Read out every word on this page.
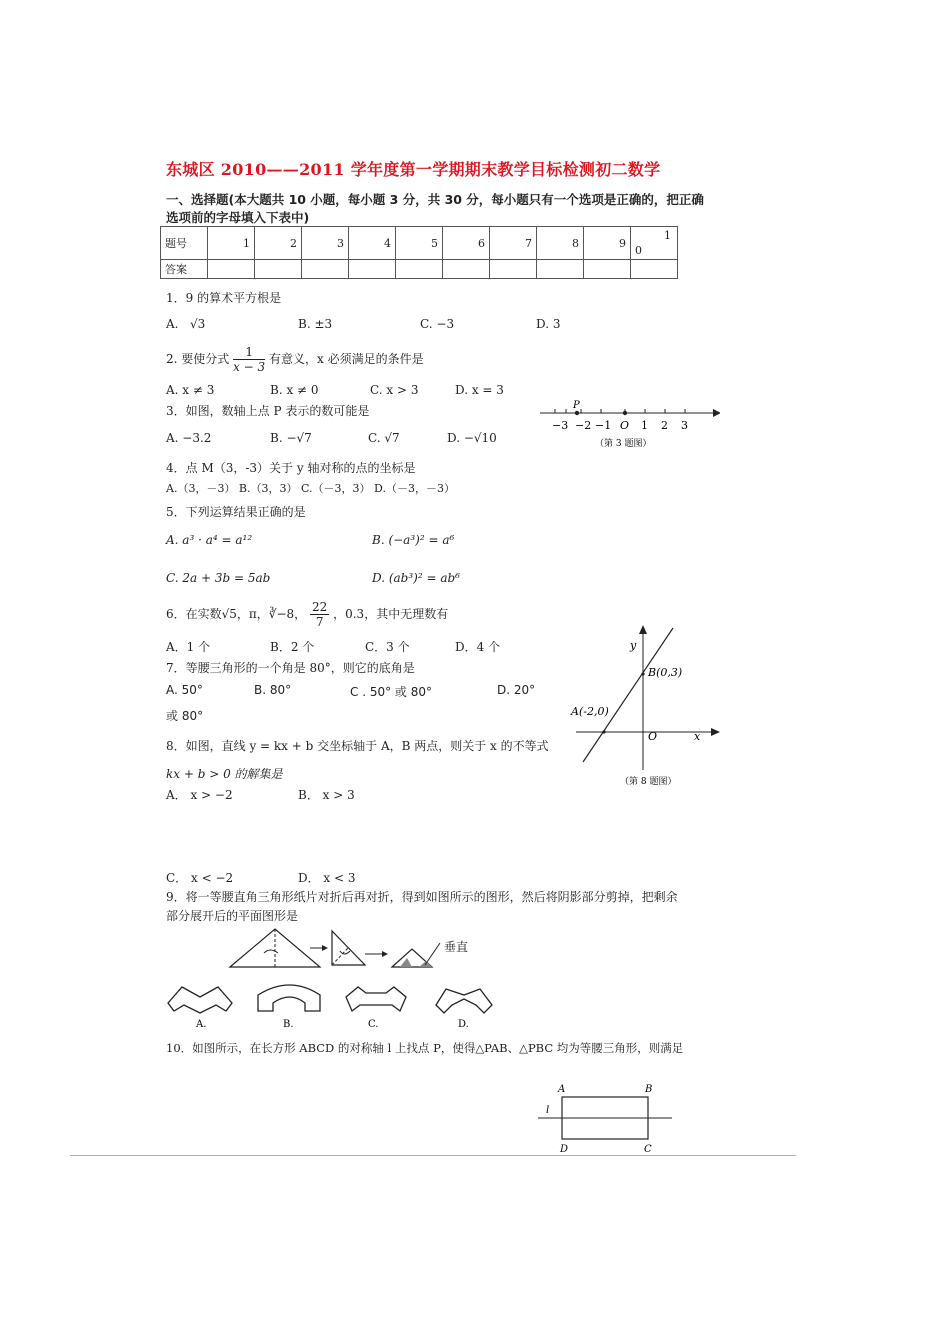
东城区 2010——2011 学年度第一学期期末教学目标检测初二数学
一、选择题(本大题共 10 小题，每小题 3 分，共 30 分，每小题只有一个选项是正确的，把正确
选项前的字母填入下表中)
题号	1	2	3	4	5	6	7	8	9	1
0

答案										
1．9 的算术平方根是
A. √3	B. ±3	C. −3	D. 3
2. 要使分式 $\frac{1}{x - 3}$ 有意义，x 必须满足的条件是
A. x ≠ 3	B. x ≠ 0	C. x > 3	D. x = 3
3．如图，数轴上点 P 表示的数可能是
A. −3.2	B. −√7	C. √7	D. −√10
P
−3 −2 −1 O 1 2 3
（第 3 题图）
4．点 M（3，-3）关于 y 轴对称的点的坐标是
A.（3，－3） B.（3，3） C.（－3，3） D.（－3，－3）
5．下列运算结果正确的是
A. a³ · a⁴ = a¹²	B. (−a³)² = a⁶
C. 2a + 3b = 5ab	D. (ab³)² = ab⁶
6．在实数√5，π，∛−8， $\frac{22}{7}$ ，0.3，其中无理数有
A．1 个	B．2 个	C．3 个	D．4 个
7．等腰三角形的一个角是 80°，则它的底角是
A. 50°	B. 80°	C . 50° 或 80°	D. 20°
或 80°
8．如图，直线 y = kx + b 交坐标轴于 A，B 两点，则关于 x 的不等式
kx + b > 0 的解集是
A． x > −2	B． x > 3
C． x < −2	D． x < 3
y
x
O
B(0,3)
A(-2,0)
（第 8 题图）
9．将一等腰直角三角形纸片对折后再对折，得到如图所示的图形，然后将阴影部分剪掉，把剩余
部分展开后的平面图形是
A.	B.	C.	D.
垂直
10．如图所示，在长方形 ABCD 的对称轴 l 上找点 P，使得△PAB、△PBC 均为等腰三角形，则满足
A	B
C
D
l
